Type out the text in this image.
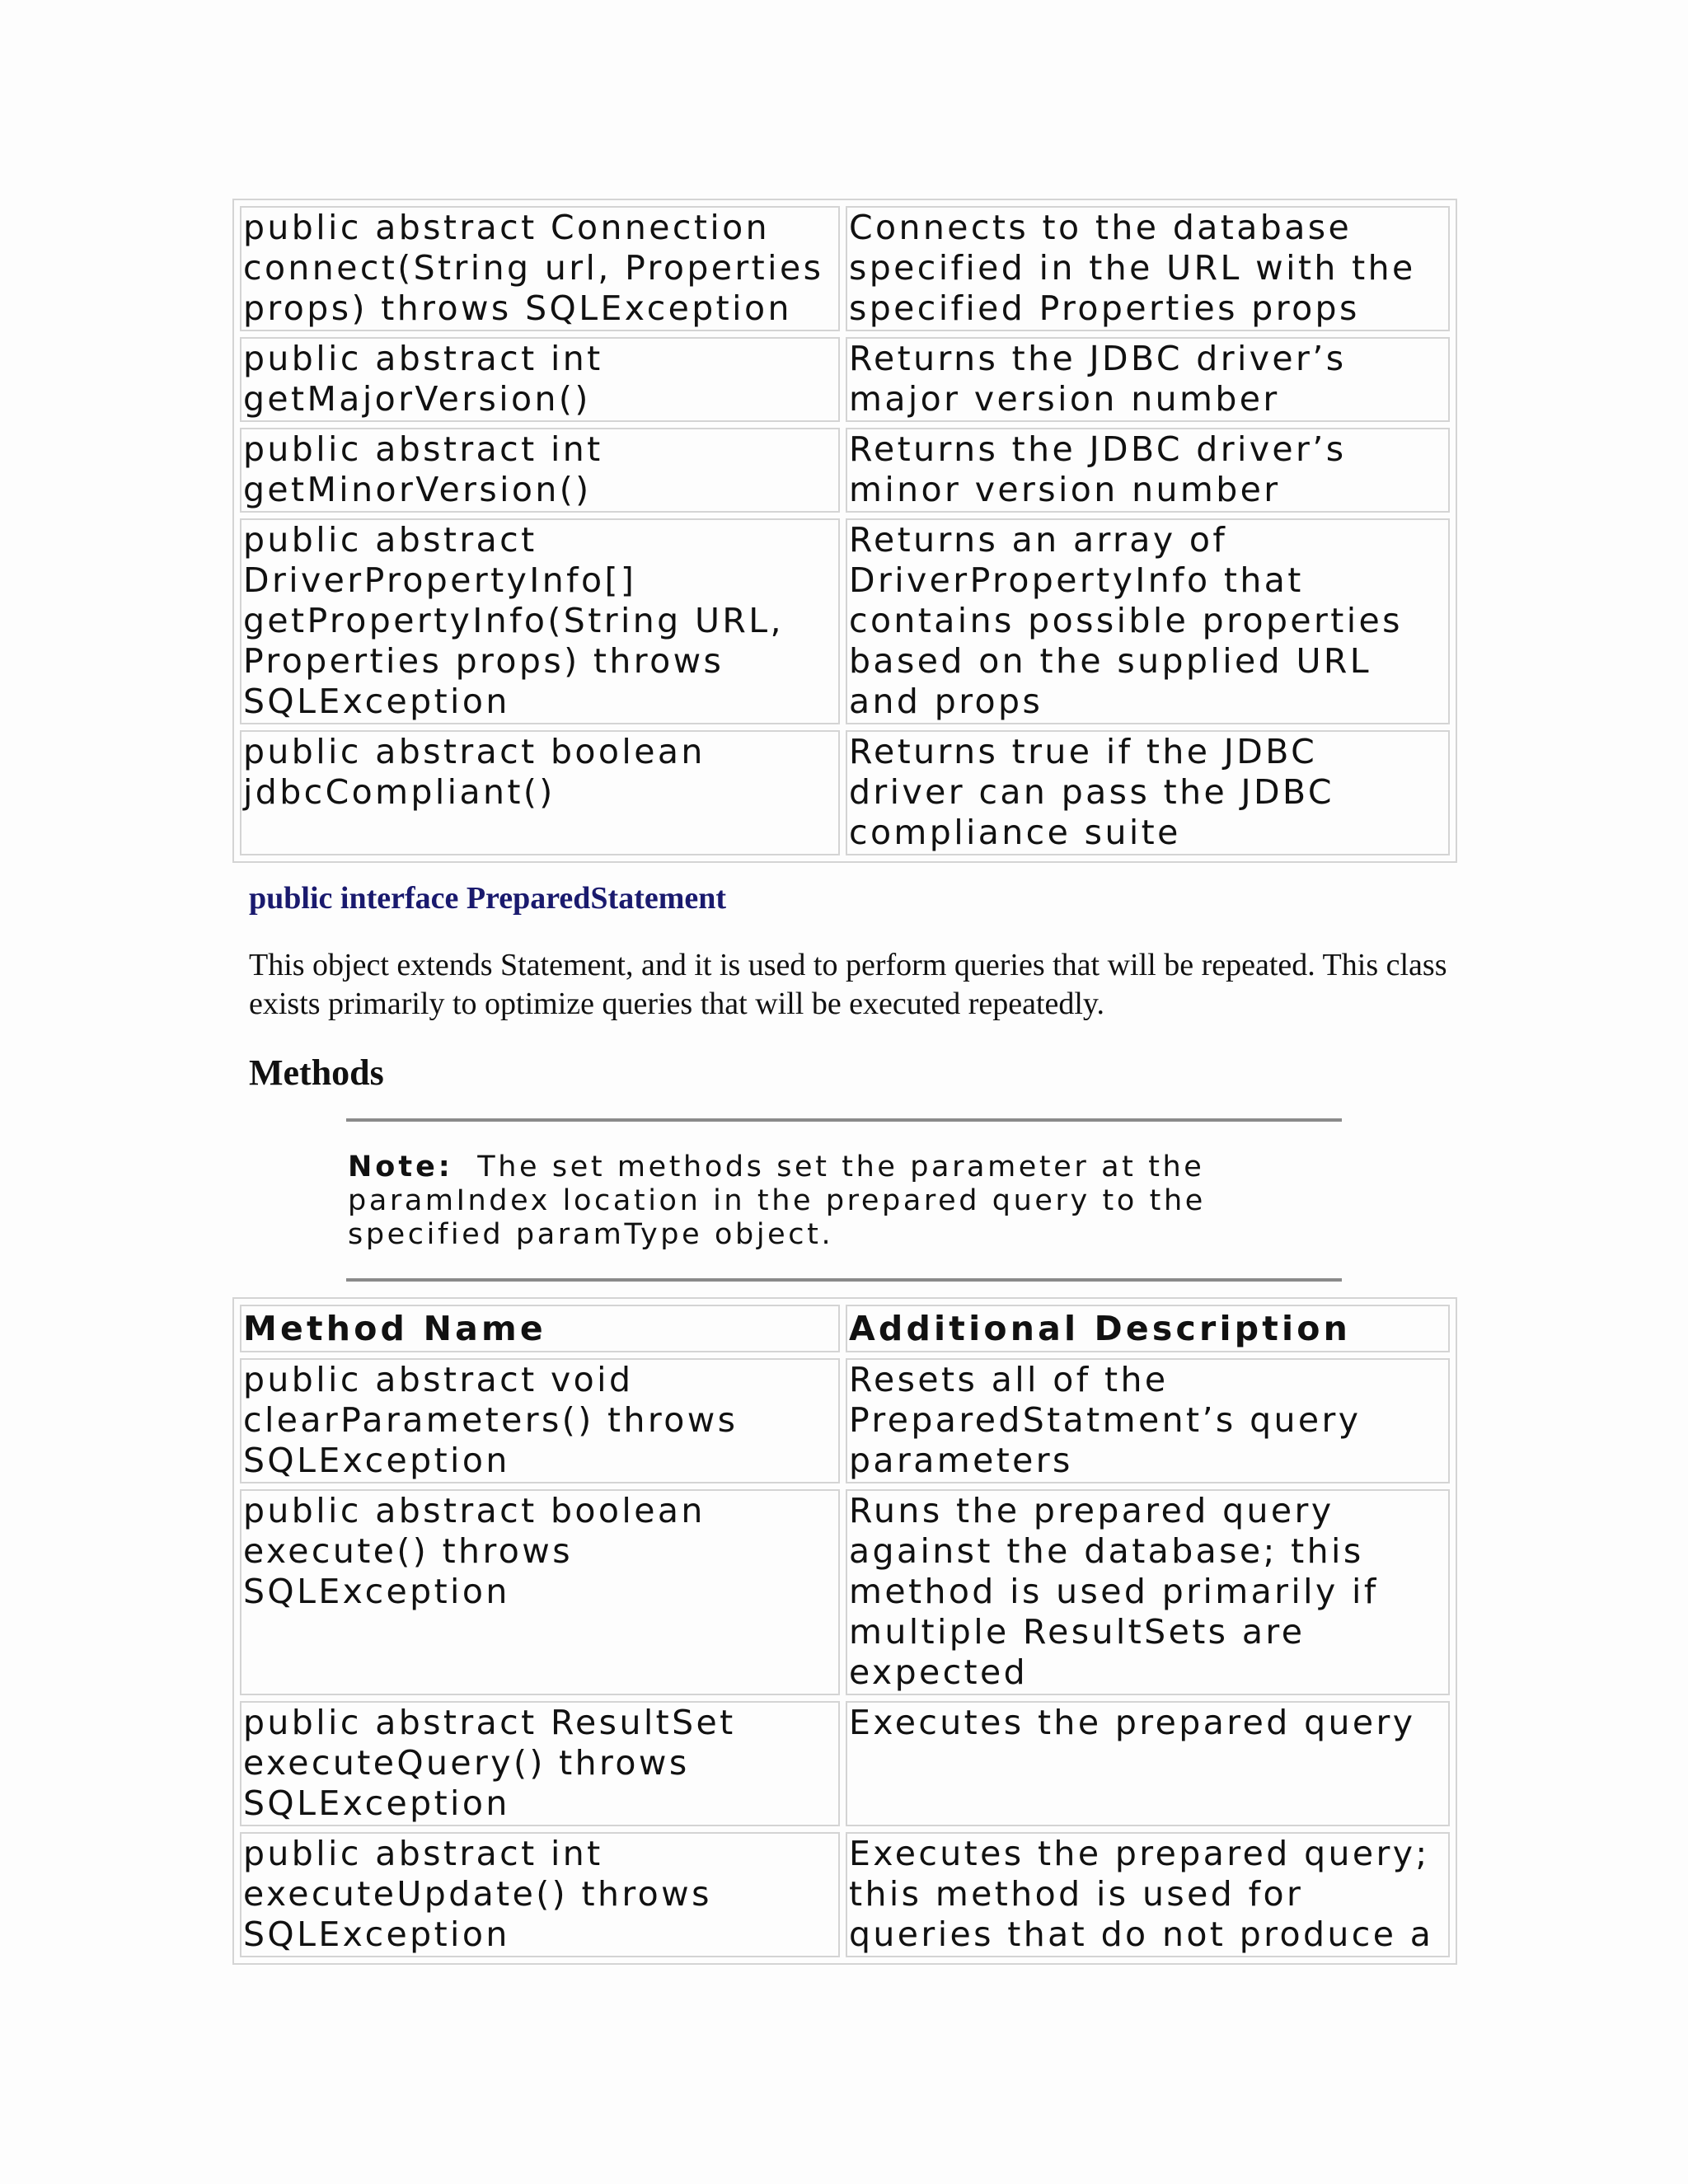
public abstract Connection connect(String url, Properties props) throws SQLException	Connects to the database specified in the URL with the specified Properties props
public abstract int getMajorVersion()	Returns the JDBC driver’s major version number
public abstract int getMinorVersion()	Returns the JDBC driver’s minor version number
public abstract DriverPropertyInfo[] getPropertyInfo(String URL, Properties props) throws SQLException	Returns an array of DriverPropertyInfo that contains possible properties based on the supplied URL and props
public abstract boolean jdbcCompliant()	Returns true if the JDBC driver can pass the JDBC compliance suite
public interface PreparedStatement

This object extends Statement, and it is used to perform queries that will be repeated. This class exists primarily to optimize queries that will be executed repeatedly.

Methods

Note: The set methods set the parameter at the paramIndex location in the prepared query to the specified paramType object.

Method Name	Additional Description
public abstract void clearParameters() throws SQLException	Resets all of the PreparedStatment’s query parameters
public abstract boolean execute() throws SQLException	Runs the prepared query against the database; this method is used primarily if multiple ResultSets are expected
public abstract ResultSet executeQuery() throws SQLException	Executes the prepared query
public abstract int executeUpdate() throws SQLException	Executes the prepared query; this method is used for queries that do not produce a
